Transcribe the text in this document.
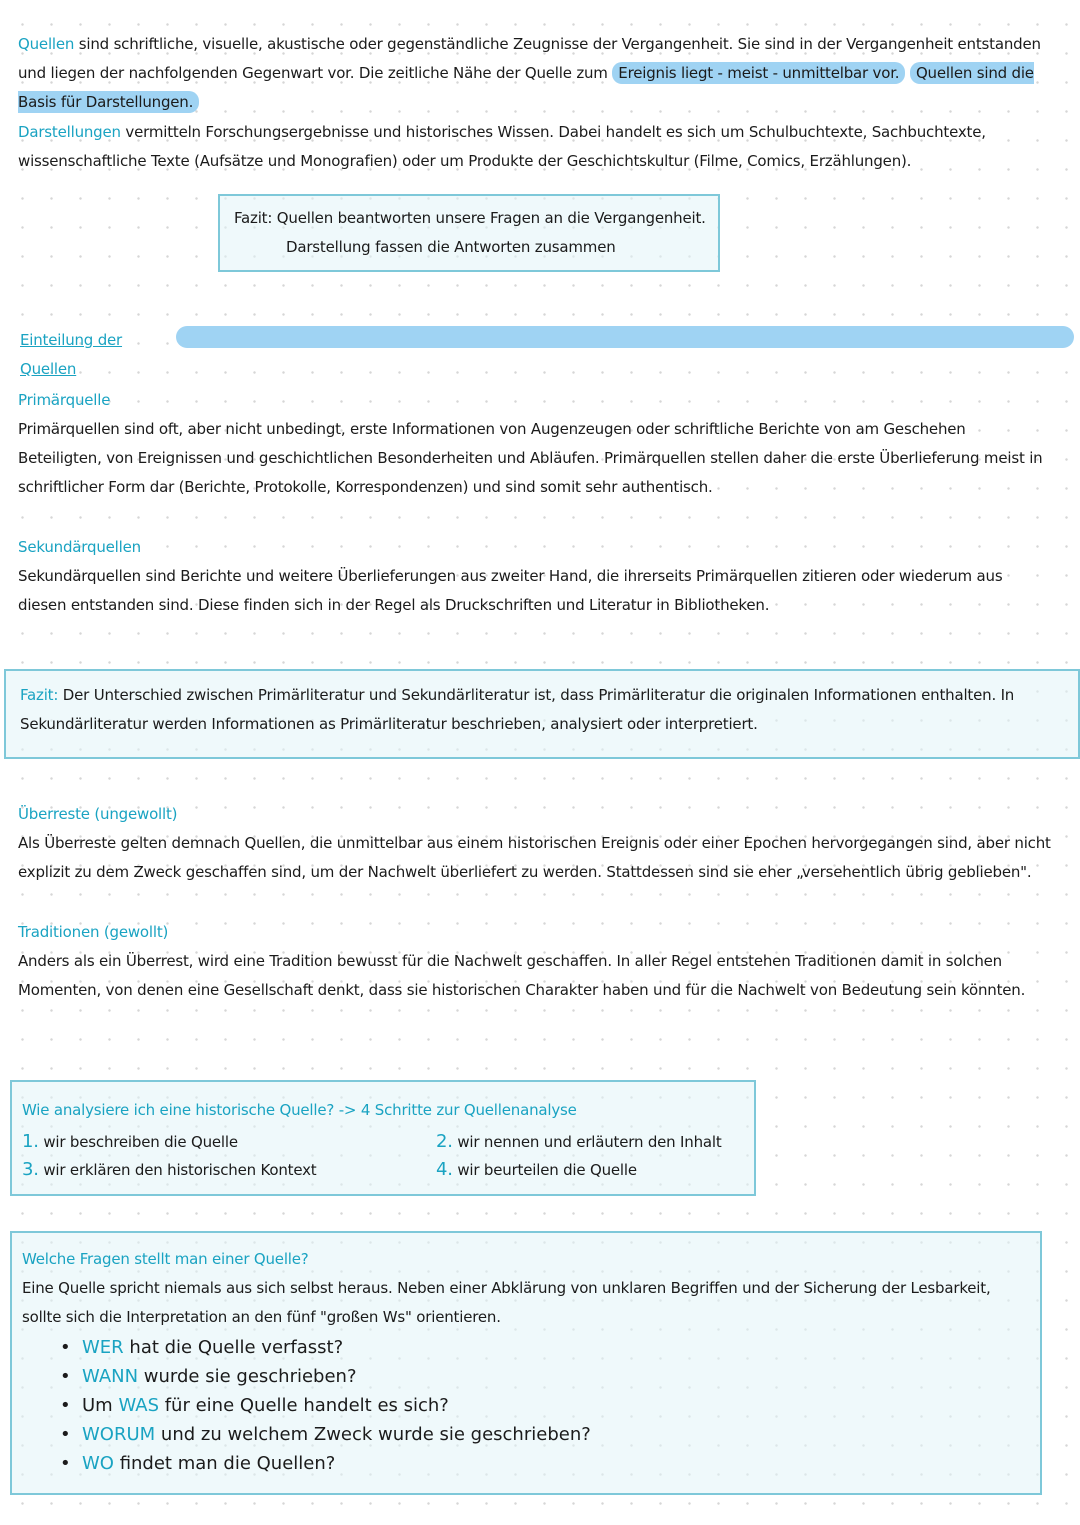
Quellen sind schriftliche, visuelle, akustische oder gegenständliche Zeugnisse der Vergangenheit. Sie sind in der Vergangenheit entstanden und liegen der nachfolgenden Gegenwart vor. Die zeitliche Nähe der Quelle zum Ereignis liegt - meist - unmittelbar vor. Quellen sind die Basis für Darstellungen.
Darstellungen vermitteln Forschungsergebnisse und historisches Wissen. Dabei handelt es sich um Schulbuchtexte, Sachbuchtexte, wissenschaftliche Texte (Aufsätze und Monografien) oder um Produkte der Geschichtskultur (Filme, Comics, Erzählungen).
Fazit: Quellen beantworten unsere Fragen an die Vergangenheit.
Darstellung fassen die Antworten zusammen
Einteilung der Quellen
Primärquelle
Primärquellen sind oft, aber nicht unbedingt, erste Informationen von Augenzeugen oder schriftliche Berichte von am Geschehen Beteiligten, von Ereignissen und geschichtlichen Besonderheiten und Abläufen. Primärquellen stellen daher die erste Überlieferung meist in schriftlicher Form dar (Berichte, Protokolle, Korrespondenzen) und sind somit sehr authentisch.
Sekundärquellen
Sekundärquellen sind Berichte und weitere Überlieferungen aus zweiter Hand, die ihrerseits Primärquellen zitieren oder wiederum aus diesen entstanden sind. Diese finden sich in der Regel als Druckschriften und Literatur in Bibliotheken.
Fazit: Der Unterschied zwischen Primärliteratur und Sekundärliteratur ist, dass Primärliteratur die originalen Informationen enthalten. In Sekundärliteratur werden Informationen as Primärliteratur beschrieben, analysiert oder interpretiert.
Überreste (ungewollt)
Als Überreste gelten demnach Quellen, die unmittelbar aus einem historischen Ereignis oder einer Epochen hervorgegangen sind, aber nicht explizit zu dem Zweck geschaffen sind, um der Nachwelt überliefert zu werden. Stattdessen sind sie eher „versehentlich übrig geblieben".
Traditionen (gewollt)
Anders als ein Überrest, wird eine Tradition bewusst für die Nachwelt geschaffen. In aller Regel entstehen Traditionen damit in solchen Momenten, von denen eine Gesellschaft denkt, dass sie historischen Charakter haben und für die Nachwelt von Bedeutung sein könnten.
Wie analysiere ich eine historische Quelle? -> 4 Schritte zur Quellenanalyse
1. wir beschreiben die Quelle	2. wir nennen und erläutern den Inhalt
3. wir erklären den historischen Kontext	4. wir beurteilen die Quelle
Welche Fragen stellt man einer Quelle?
Eine Quelle spricht niemals aus sich selbst heraus. Neben einer Abklärung von unklaren Begriffen und der Sicherung der Lesbarkeit, sollte sich die Interpretation an den fünf "großen Ws" orientieren.
• WER hat die Quelle verfasst?
• WANN wurde sie geschrieben?
• Um WAS für eine Quelle handelt es sich?
• WORUM und zu welchem Zweck wurde sie geschrieben?
• WO findet man die Quellen?
